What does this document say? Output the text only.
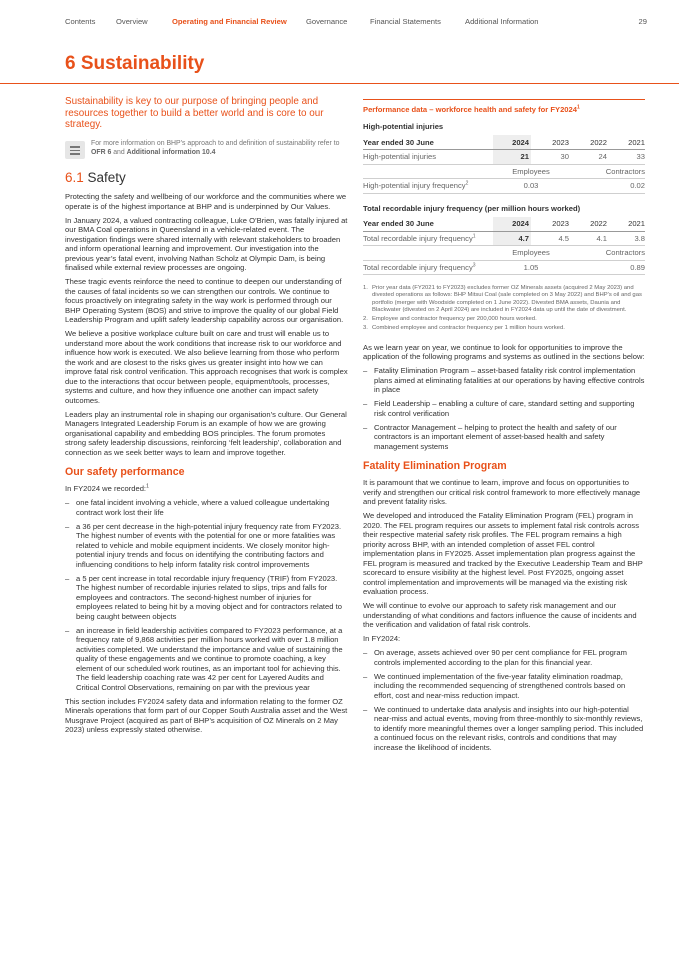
Contents	Overview	Operating and Financial Review	Governance	Financial Statements	Additional Information	29
6 Sustainability
Sustainability is key to our purpose of bringing people and resources together to build a better world and is core to our strategy.
For more information on BHP’s approach to and definition of sustainability refer to OFR 6 and Additional information 10.4
6.1 Safety

Protecting the safety and wellbeing of our workforce and the communities where we operate is of the highest importance at BHP and is underpinned by Our Values.

In January 2024, a valued contracting colleague, Luke O’Brien, was fatally injured at our BMA Coal operations in Queensland in a vehicle-related event. The investigation findings were shared internally with relevant stakeholders to broaden and inform operational learning and improvement. Our investigation into the previous year’s fatal event, involving Nathan Scholz at Olympic Dam, is being finalised while external review processes are ongoing.

These tragic events reinforce the need to continue to deepen our understanding of the causes of fatal incidents so we can strengthen our controls. We continue to focus proactively on integrating safety in the way work is performed through our BHP Operating System (BOS) and strive to improve the quality of our global Field Leadership Program and uplift safety leadership capability across our organisation.

We believe a positive workplace culture built on care and trust will enable us to understand more about the work conditions that increase risk to our workforce and influence how work is executed. We also believe learning from those who perform the work and are closest to the risks gives us greater insight into how we can improve fatal risk control verification. This approach recognises that work is complex due to the interactions that occur between people, equipment/tools, processes, systems and culture, and how they influence one another can impact safety outcomes.

Leaders play an instrumental role in shaping our organisation’s culture. Our General Managers Integrated Leadership Forum is an example of how we are growing organisational capability and embedding BOS principles. The forum promotes strong safety leadership discussions, reinforcing ‘felt leadership’, collaboration and connection as we seek better ways to learn and improve together.

Our safety performance

In FY2024 we recorded:$^1$

– one fatal incident involving a vehicle, where a valued colleague undertaking contract work lost their life
– a 36 per cent decrease in the high-potential injury frequency rate from FY2023. The highest number of events with the potential for one or more fatalities was related to vehicle and mobile equipment incidents. We closely monitor high-potential injury trends and focus on identifying the contributing factors and influencing conditions to help inform fatality risk control improvements
– a 5 per cent increase in total recordable injury frequency (TRIF) from FY2023. The highest number of recordable injuries related to slips, trips and falls for employees and contractors. The second-highest number of injuries for employees related to being hit by a moving object and for contractors related to being caught between objects
– an increase in field leadership activities compared to FY2023 performance, at a frequency rate of 9,868 activities per million hours worked with over 1.8 million activities completed. We understand the importance and value of sustaining the quality of these engagements and we continue to promote coaching, a key element of our scheduled work routines, as an important tool for achieving this. The field leadership coaching rate was 42 per cent for Layered Audits and Critical Control Observations, remaining on par with the previous year

This section includes FY2024 safety data and information relating to the former OZ Minerals operations that form part of our Copper South Australia asset and the West Musgrave Project (acquired as part of BHP’s acquisition of OZ Minerals on 2 May 2023) unless expressly stated otherwise.

Performance data – workforce health and safety for FY2024$^1$
High-potential injuries
Year ended 30 June	2024	2023	2022	2021
High-potential injuries	21	30	24	33
	Employees		Contractors	
High-potential injury frequency$^2$	0.03		0.02	
Total recordable injury frequency (per million hours worked)
Year ended 30 June	2024	2023	2022	2021
Total recordable injury frequency$^1$	4.7	4.5	4.1	3.8
	Employees		Contractors	
Total recordable injury frequency$^3$	1.05		0.89	
1. Prior year data (FY2021 to FY2023) excludes former OZ Minerals assets (acquired 2 May 2023) and divested operations as follows: BHP Mitsui Coal (sale completed on 3 May 2022) and BHP’s oil and gas portfolio (merger with Woodside completed on 1 June 2022). Divested BMA assets, Daunia and Blackwater (divested on 2 April 2024) are included in FY2024 data up until the date of divestment.
2. Employee and contractor frequency per 200,000 hours worked.
3. Combined employee and contractor frequency per 1 million hours worked.

As we learn year on year, we continue to look for opportunities to improve the application of the following programs and systems as outlined in the sections below:

– Fatality Elimination Program – asset-based fatality risk control implementation plans aimed at eliminating fatalities at our operations by having effective controls in place
– Field Leadership – enabling a culture of care, standard setting and supporting risk control verification
– Contractor Management – helping to protect the health and safety of our contractors is an important element of asset-based health and safety management systems
Fatality Elimination Program

It is paramount that we continue to learn, improve and focus on opportunities to verify and strengthen our critical risk control framework to more effectively manage and prevent fatality risks.

We developed and introduced the Fatality Elimination Program (FEL) program in 2020. The FEL program requires our assets to implement fatal risk controls across their respective material safety risk profiles. The FEL program remains a high priority across BHP, with an intended completion of asset FEL control implementation plans in FY2025. Asset implementation plan progress against the FEL program is measured and tracked by the Executive Leadership Team and BHP scorecard to ensure visibility at the highest level. Post FY2025, ongoing asset control implementation and improvements will be managed via the existing risk evaluation process.

We will continue to evolve our approach to safety risk management and our understanding of what conditions and factors influence the cause of incidents and the verification and validation of fatal risk controls.

In FY2024:

– On average, assets achieved over 90 per cent compliance for FEL program controls implemented according to the plan for this financial year.
– We continued implementation of the five-year fatality elimination roadmap, including the recommended sequencing of strengthened controls based on effort, cost and near-miss reduction impact.
– We continued to undertake data analysis and insights into our high-potential near-miss and actual events, moving from three-monthly to six-monthly reviews, to identify more meaningful themes over a longer sampling period. This included a continued focus on the relevant risks, controls and conditions that may increase the likelihood of incidents.
